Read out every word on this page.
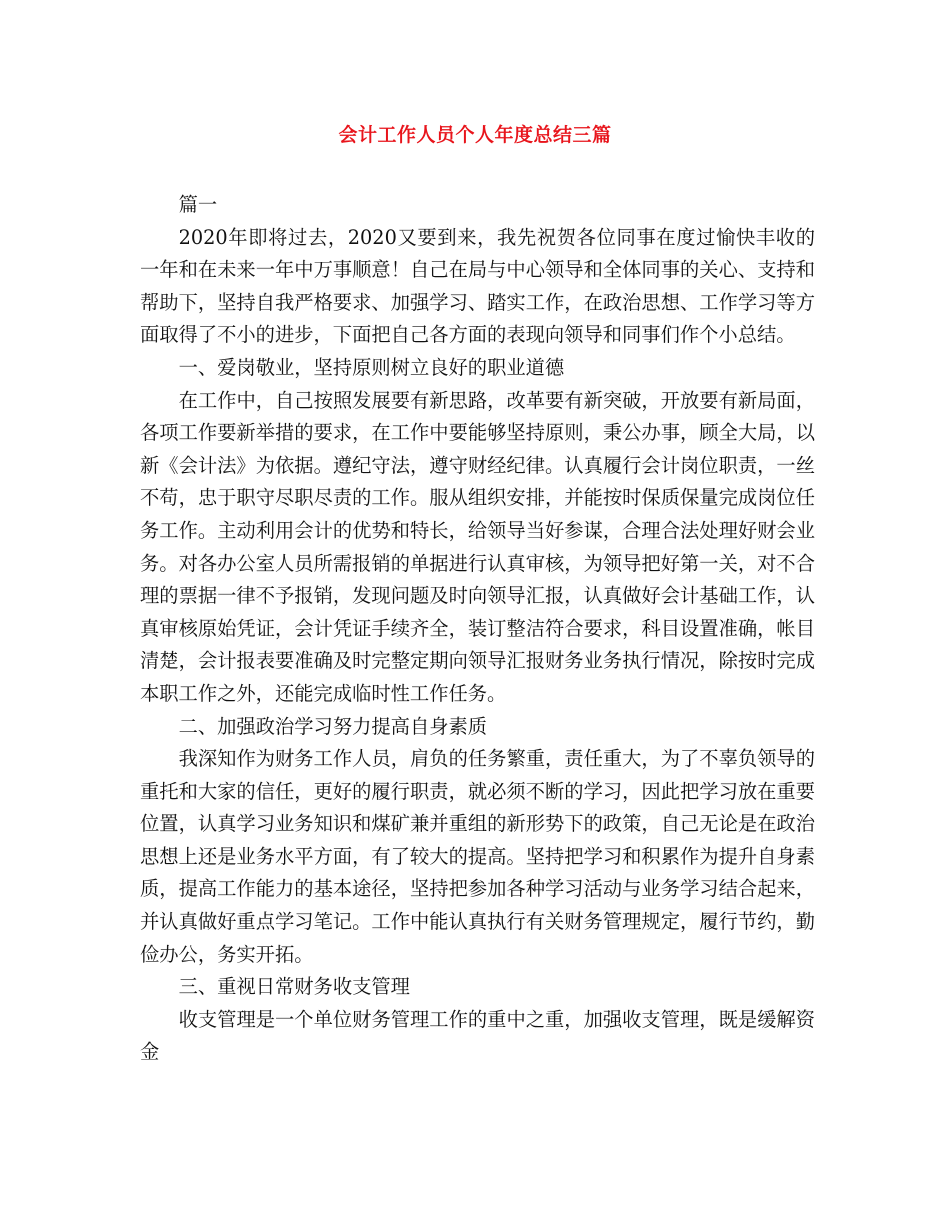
会计工作人员个人年度总结三篇

篇一

2020年即将过去，2020又要到来，我先祝贺各位同事在度过愉快丰收的一年和在未来一年中万事顺意！自己在局与中心领导和全体同事的关心、支持和帮助下，坚持自我严格要求、加强学习、踏实工作，在政治思想、工作学习等方面取得了不小的进步，下面把自己各方面的表现向领导和同事们作个小总结。

一、爱岗敬业，坚持原则树立良好的职业道德

在工作中，自己按照发展要有新思路，改革要有新突破，开放要有新局面，各项工作要新举措的要求，在工作中要能够坚持原则，秉公办事，顾全大局，以新《会计法》为依据。遵纪守法，遵守财经纪律。认真履行会计岗位职责，一丝不苟，忠于职守尽职尽责的工作。服从组织安排，并能按时保质保量完成岗位任务工作。主动利用会计的优势和特长，给领导当好参谋，合理合法处理好财会业务。对各办公室人员所需报销的单据进行认真审核，为领导把好第一关，对不合理的票据一律不予报销，发现问题及时向领导汇报，认真做好会计基础工作，认真审核原始凭证，会计凭证手续齐全，装订整洁符合要求，科目设置准确，帐目清楚，会计报表要准确及时完整定期向领导汇报财务业务执行情况，除按时完成本职工作之外，还能完成临时性工作任务。

二、加强政治学习努力提高自身素质

我深知作为财务工作人员，肩负的任务繁重，责任重大，为了不辜负领导的重托和大家的信任，更好的履行职责，就必须不断的学习，因此把学习放在重要位置，认真学习业务知识和煤矿兼并重组的新形势下的政策，自己无论是在政治思想上还是业务水平方面，有了较大的提高。坚持把学习和积累作为提升自身素质，提高工作能力的基本途径，坚持把参加各种学习活动与业务学习结合起来，并认真做好重点学习笔记。工作中能认真执行有关财务管理规定，履行节约，勤俭办公，务实开拓。

三、重视日常财务收支管理

收支管理是一个单位财务管理工作的重中之重，加强收支管理，既是缓解资金
